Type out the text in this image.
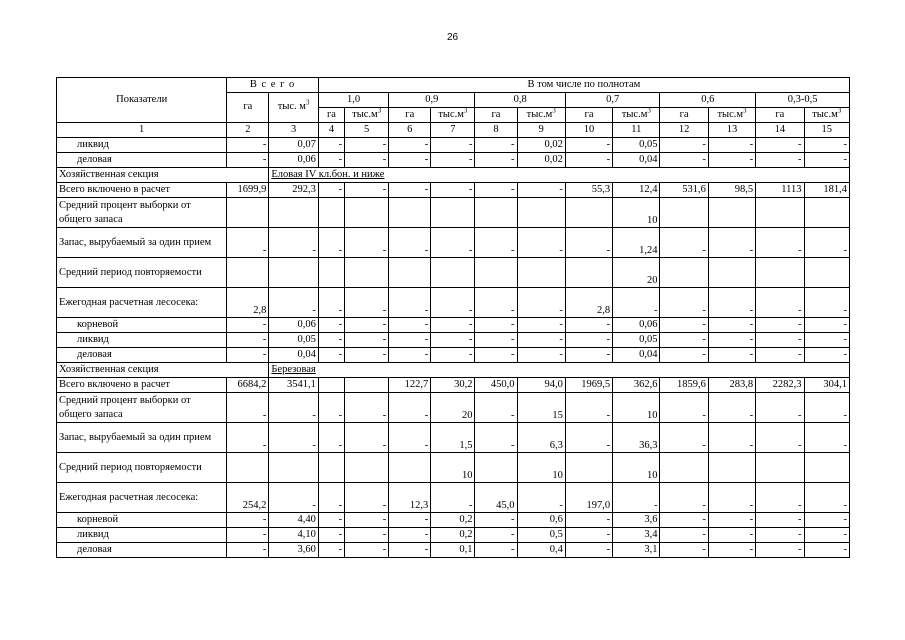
26
Показатели	В с е г о		В том числе по полнотам											
	га	тыс. $м^3$	1,0		0,9		0,8		0,7		0,6		0,3-0,5	
			га	$тыс.м^3$	га	$тыс.м^3$	га	$тыс.м^3$	га	$тыс.м^3$	га	$тыс.м^3$	га	$тыс.м^3$
1	2	3	4	5	6	7	8	9	10	11	12	13	14	15
ликвид	-	0,07	-	-	-	-	-	0,02	-	0,05	-	-	-	-
деловая	-	0,06	-	-	-	-	-	0,02	-	0,04	-	-	-	-
Хозяйственная секция		Еловая IV кл.бон. и ниже												
Всего включено в расчет	1699,9	292,3	-	-	-	-	-	-	55,3	12,4	531,6	98,5	1113	181,4
Средний процент выборки от общего запаса										10				
Запас, вырубаемый за один прием	-	-	-	-	-	-	-	-	-	1,24	-	-	-	-
Средний период повторяемости										20				
Ежегодная расчетная лесосека:	2,8	-	-	-	-	-	-	-	2,8	-	-	-	-	-
корневой	-	0,06	-	-	-	-	-	-	-	0,06	-	-	-	-
ликвид	-	0,05	-	-	-	-	-	-	-	0,05	-	-	-	-
деловая	-	0,04	-	-	-	-	-	-	-	0,04	-	-	-	-
Хозяйственная секция		Березовая												
Всего включено в расчет	6684,2	3541,1			122,7	30,2	450,0	94,0	1969,5	362,6	1859,6	283,8	2282,3	304,1
Средний процент выборки от общего запаса	-	-	-	-	-	20	-	15	-	10	-	-	-	-
Запас, вырубаемый за один прием	-	-	-	-	-	1,5	-	6,3	-	36,3	-	-	-	-
Средний период повторяемости						10		10		10				
Ежегодная расчетная лесосека:	254,2	-	-	-	12,3	-	45,0	-	197,0	-	-	-	-	-
корневой	-	4,40	-	-	-	0,2	-	0,6	-	3,6	-	-	-	-
ликвид	-	4,10	-	-	-	0,2	-	0,5	-	3,4	-	-	-	-
деловая	-	3,60	-	-	-	0,1	-	0,4	-	3,1	-	-	-	-
